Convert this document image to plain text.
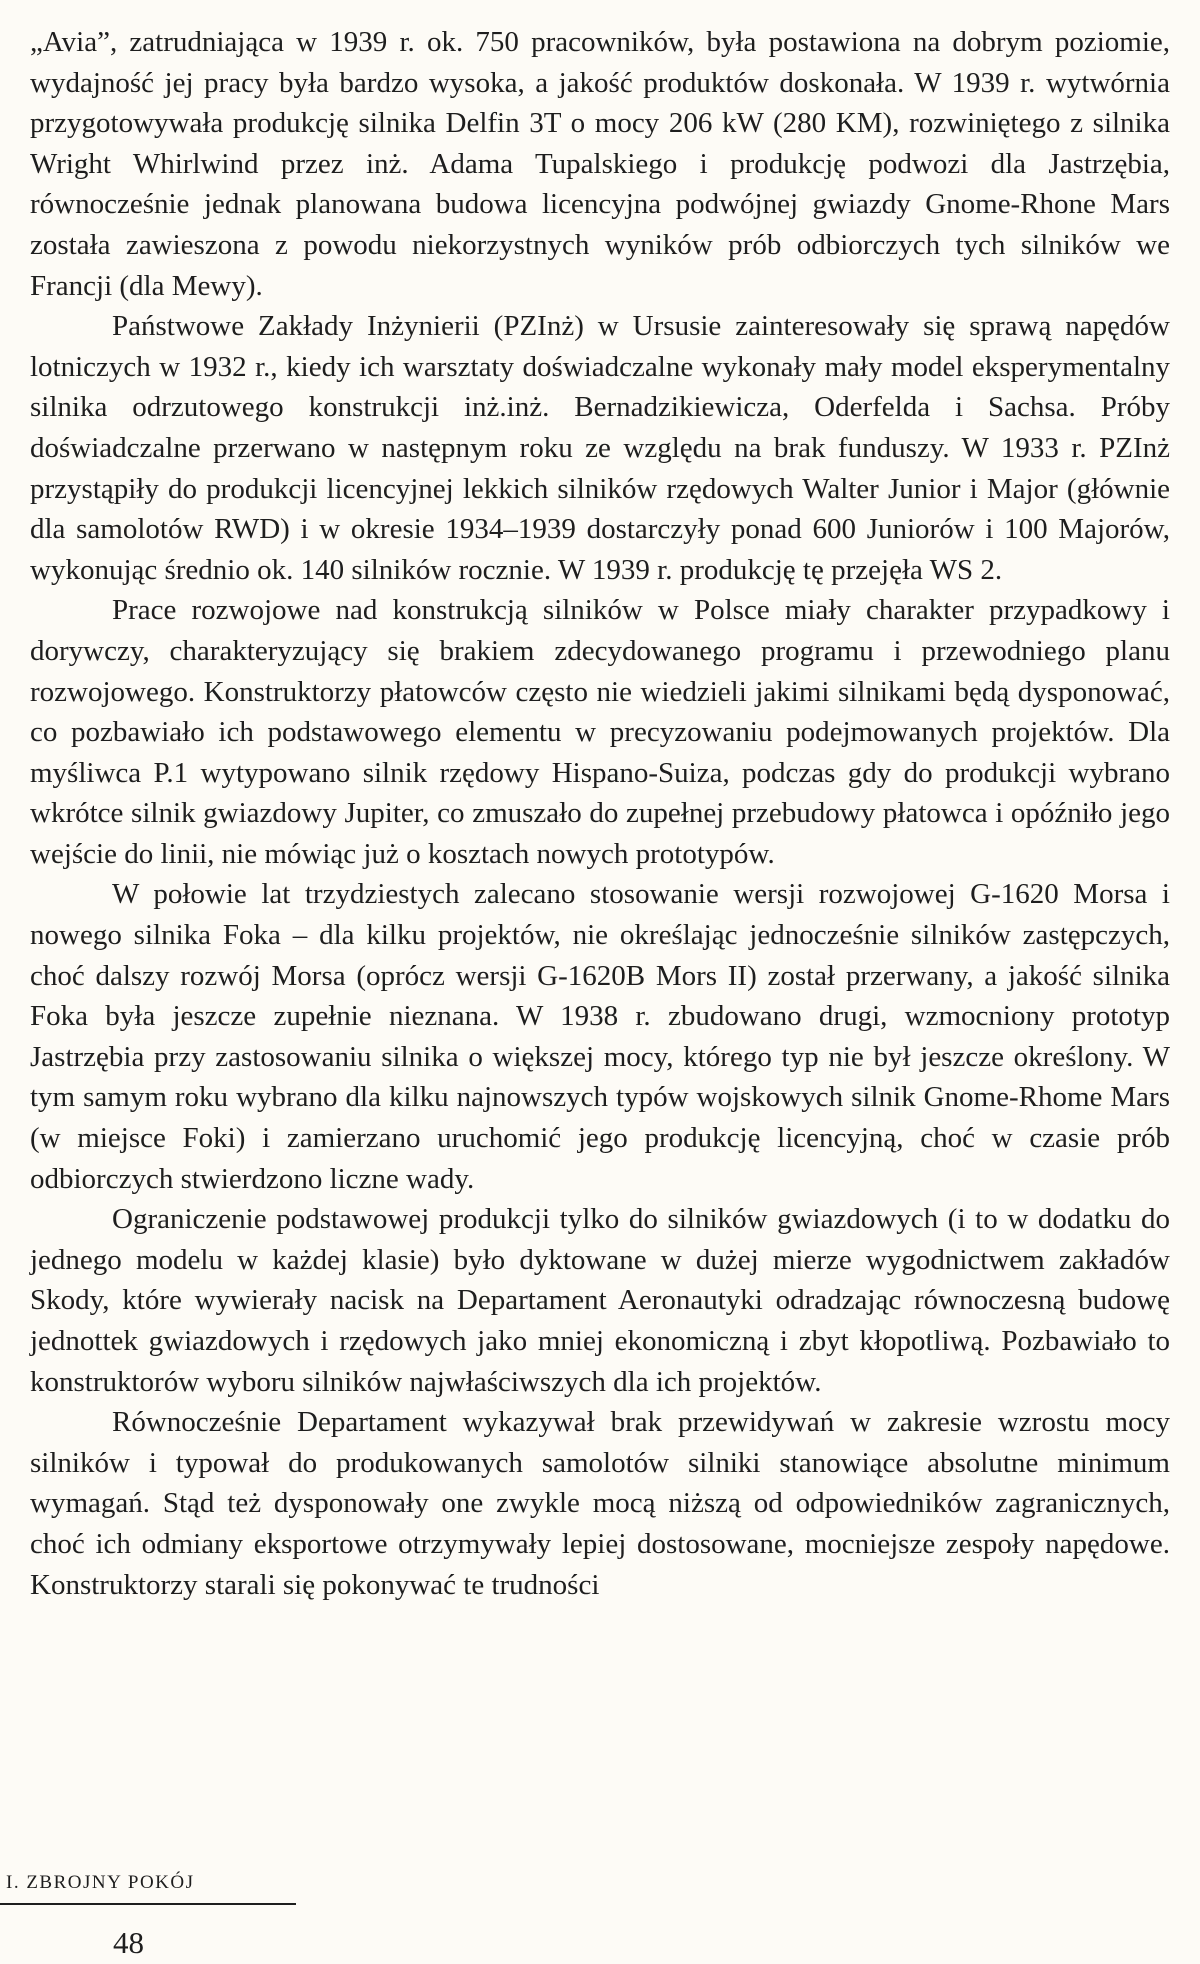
„Avia”, zatrudniająca w 1939 r. ok. 750 pracowników, była postawiona na dobrym poziomie, wydajność jej pracy była bardzo wysoka, a jakość produktów doskonała. W 1939 r. wytwórnia przygotowywała produkcję silnika Delfin 3T o mocy 206 kW (280 KM), rozwiniętego z silnika Wright Whirlwind przez inż. Adama Tupalskiego i produkcję podwozi dla Jastrzębia, równocześnie jednak planowana budowa licencyjna podwójnej gwiazdy Gnome-Rhone Mars została zawieszona z powodu niekorzystnych wyników prób odbiorczych tych silników we Francji (dla Mewy).

Państwowe Zakłady Inżynierii (PZInż) w Ursusie zainteresowały się sprawą napędów lotniczych w 1932 r., kiedy ich warsztaty doświadczalne wykonały mały model eksperymentalny silnika odrzutowego konstrukcji inż.inż. Bernadzikiewicza, Oderfelda i Sachsa. Próby doświadczalne przerwano w następnym roku ze względu na brak funduszy. W 1933 r. PZInż przystąpiły do produkcji licencyjnej lekkich silników rzędowych Walter Junior i Major (głównie dla samolotów RWD) i w okresie 1934–1939 dostarczyły ponad 600 Juniorów i 100 Majorów, wykonując średnio ok. 140 silników rocznie. W 1939 r. produkcję tę przejęła WS 2.

Prace rozwojowe nad konstrukcją silników w Polsce miały charakter przypadkowy i dorywczy, charakteryzujący się brakiem zdecydowanego programu i przewodniego planu rozwojowego. Konstruktorzy płatowców często nie wiedzieli jakimi silnikami będą dysponować, co pozbawiało ich podstawowego elementu w precyzowaniu podejmowanych projektów. Dla myśliwca P.1 wytypowano silnik rzędowy Hispano-Suiza, podczas gdy do produkcji wybrano wkrótce silnik gwiazdowy Jupiter, co zmuszało do zupełnej przebudowy płatowca i opóźniło jego wejście do linii, nie mówiąc już o kosztach nowych prototypów.

W połowie lat trzydziestych zalecano stosowanie wersji rozwojowej G-1620 Morsa i nowego silnika Foka – dla kilku projektów, nie określając jednocześnie silników zastępczych, choć dalszy rozwój Morsa (oprócz wersji G-1620B Mors II) został przerwany, a jakość silnika Foka była jeszcze zupełnie nieznana. W 1938 r. zbudowano drugi, wzmocniony prototyp Jastrzębia przy zastosowaniu silnika o większej mocy, którego typ nie był jeszcze określony. W tym samym roku wybrano dla kilku najnowszych typów wojskowych silnik Gnome-Rhome Mars (w miejsce Foki) i zamierzano uruchomić jego produkcję licencyjną, choć w czasie prób odbiorczych stwierdzono liczne wady.

Ograniczenie podstawowej produkcji tylko do silników gwiazdowych (i to w dodatku do jednego modelu w każdej klasie) było dyktowane w dużej mierze wygodnictwem zakładów Skody, które wywierały nacisk na Departament Aeronautyki odradzając równoczesną budowę jednottek gwiazdowych i rzędowych jako mniej ekonomiczną i zbyt kłopotliwą. Pozbawiało to konstruktorów wyboru silników najwłaściwszych dla ich projektów.

Równocześnie Departament wykazywał brak przewidywań w zakresie wzrostu mocy silników i typował do produkowanych samolotów silniki stanowiące absolutne minimum wymagań. Stąd też dysponowały one zwykle mocą niższą od odpowiedników zagranicznych, choć ich odmiany eksportowe otrzymywały lepiej dostosowane, mocniejsze zespoły napędowe. Konstruktorzy starali się pokonywać te trudności

I. ZBROJNY POKÓJ
48
